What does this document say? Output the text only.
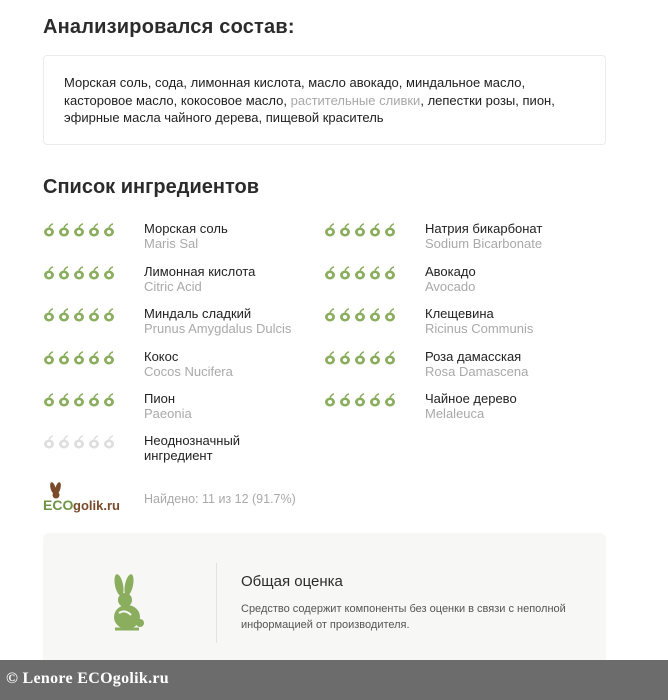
Анализировался состав:
Морская соль, сода, лимонная кислота, масло авокадо, миндальное масло, касторовое масло, кокосовое масло, растительные сливки, лепестки розы, пион, эфирные масла чайного дерева, пищевой краситель
Список ингредиентов
Морская соль
Maris Sal
Натрия бикарбонат
Sodium Bicarbonate
Лимонная кислота
Citric Acid
Авокадо
Avocado
Миндаль сладкий
Prunus Amygdalus Dulcis
Клещевина
Ricinus Communis
Кокос
Cocos Nucifera
Роза дамасская
Rosa Damascena
Пион
Paeonia
Чайное дерево
Melaleuca
Неоднозначный
ингредиент
ECO golik.ru Найдено: 11 из 12 (91.7%)
Общая оценка
Средство содержит компоненты без оценки в связи с неполной информацией от производителя.
© Lenore ECOgolik.ru
